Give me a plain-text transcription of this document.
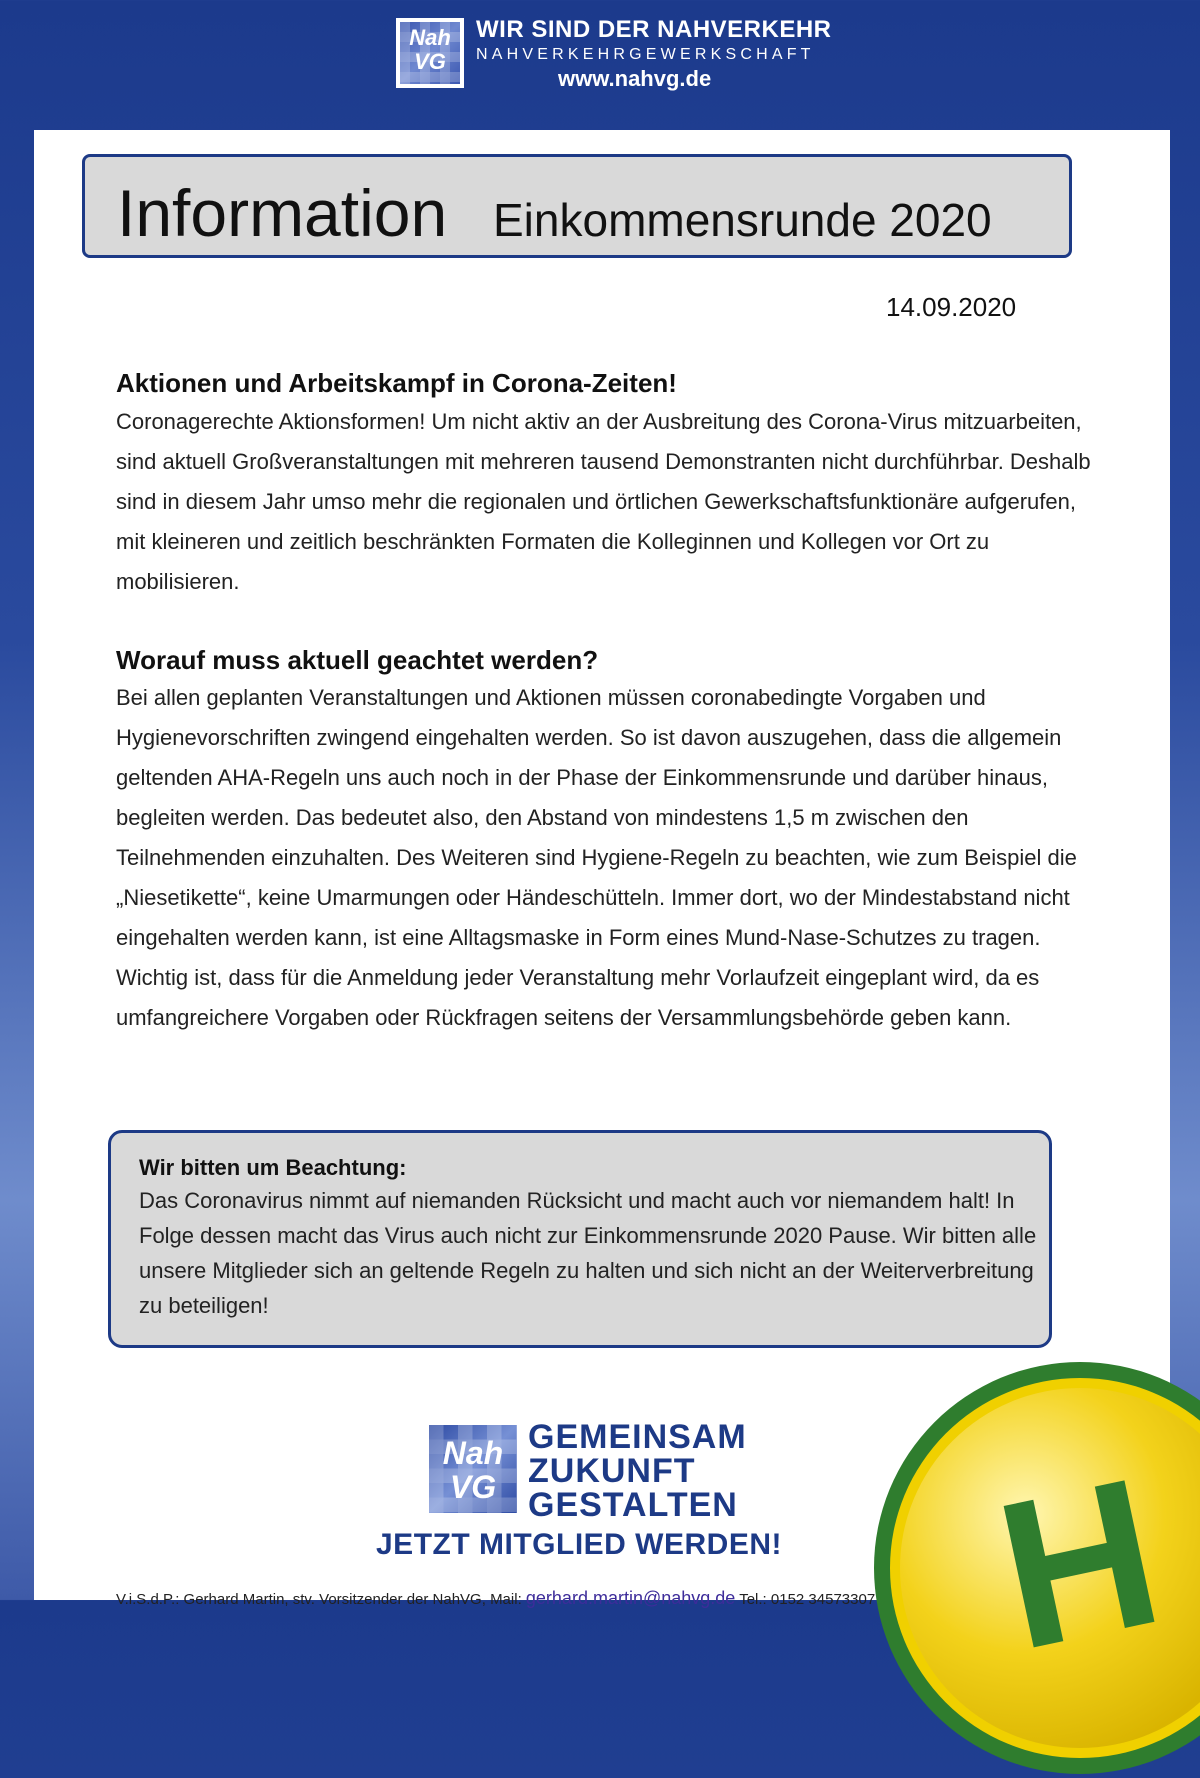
Nah VG
WIR SIND DER NAHVERKEHR
NAHVERKEHRGEWERKSCHAFT
www.nahvg.de
Information Einkommensrunde 2020
14.09.2020
Aktionen und Arbeitskampf in Corona-Zeiten!
Coronagerechte Aktionsformen! Um nicht aktiv an der Ausbreitung des Corona-Virus mitzuarbeiten, sind aktuell Großveranstaltungen mit mehreren tausend Demonstranten nicht durchführbar. Deshalb sind in diesem Jahr umso mehr die regionalen und örtlichen Gewerkschaftsfunktionäre aufgerufen, mit kleineren und zeitlich beschränkten Formaten die Kolleginnen und Kollegen vor Ort zu mobilisieren.
Worauf muss aktuell geachtet werden?
Bei allen geplanten Veranstaltungen und Aktionen müssen coronabedingte Vorgaben und Hygienevorschriften zwingend eingehalten werden. So ist davon auszugehen, dass die allgemein geltenden AHA-Regeln uns auch noch in der Phase der Einkommensrunde und darüber hinaus, begleiten werden. Das bedeutet also, den Abstand von mindestens 1,5 m zwischen den Teilnehmenden einzuhalten. Des Weiteren sind Hygiene-Regeln zu beachten, wie zum Beispiel die „Niesetikette“, keine Umarmungen oder Händeschütteln. Immer dort, wo der Mindestabstand nicht eingehalten werden kann, ist eine Alltagsmaske in Form eines Mund-Nase-Schutzes zu tragen. Wichtig ist, dass für die Anmeldung jeder Veranstaltung mehr Vorlaufzeit eingeplant wird, da es umfangreichere Vorgaben oder Rückfragen seitens der Versammlungsbehörde geben kann.
Wir bitten um Beachtung:
Das Coronavirus nimmt auf niemanden Rücksicht und macht auch vor niemandem halt! In Folge dessen macht das Virus auch nicht zur Einkommensrunde 2020 Pause. Wir bitten alle unsere Mitglieder sich an geltende Regeln zu halten und sich nicht an der Weiterverbreitung zu beteiligen!
Nah VG
GEMEINSAM
ZUKUNFT
GESTALTEN
JETZT MITGLIED WERDEN!
V.i.S.d.P.: Gerhard Martin, stv. Vorsitzender der NahVG, Mail: gerhard.martin@nahvg.de Tel.: 0152 34573307 H
